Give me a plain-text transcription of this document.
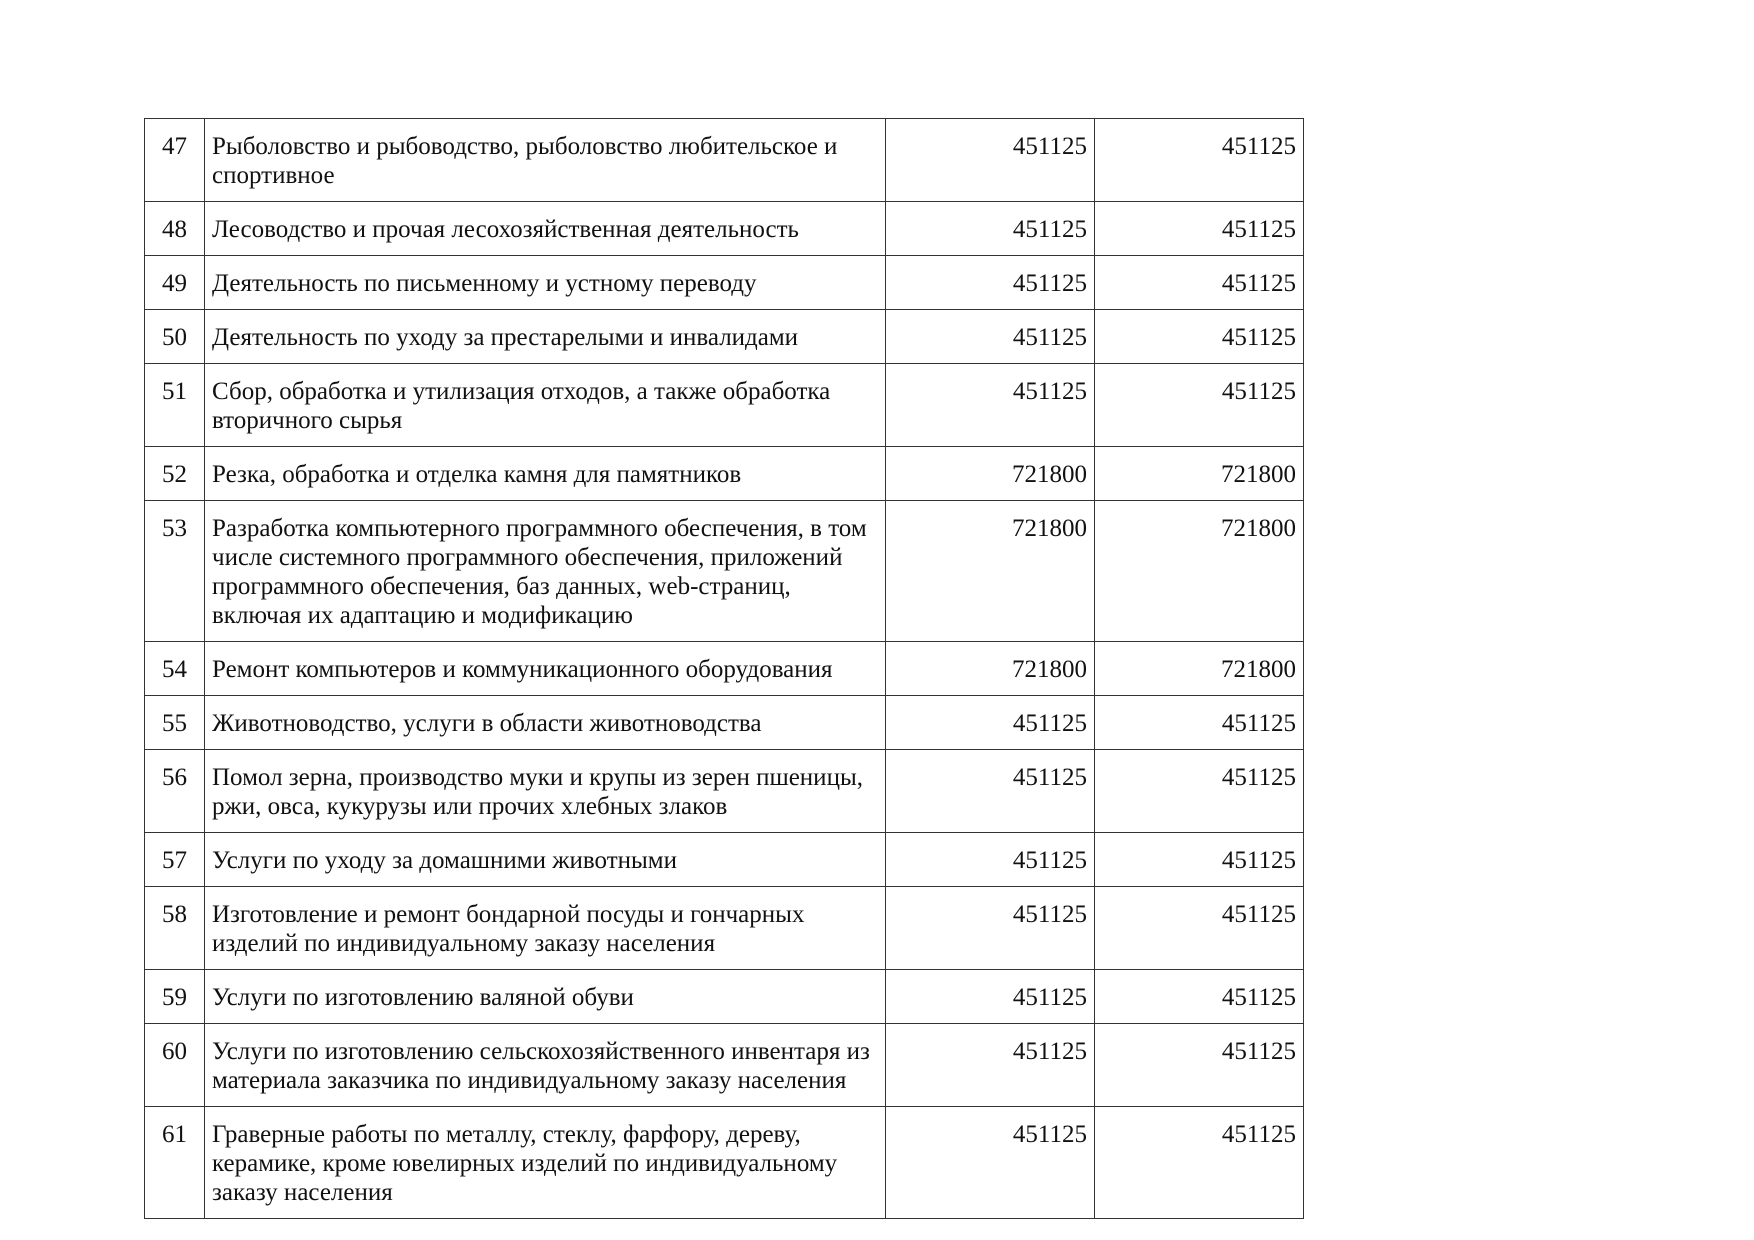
47	Рыболовство и рыбоводство, рыболовство любительское и спортивное	451125	451125
48	Лесоводство и прочая лесохозяйственная деятельность	451125	451125
49	Деятельность по письменному и устному переводу	451125	451125
50	Деятельность по уходу за престарелыми и инвалидами	451125	451125
51	Сбор, обработка и утилизация отходов, а также обработка вторичного сырья	451125	451125
52	Резка, обработка и отделка камня для памятников	721800	721800
53	Разработка компьютерного программного обеспечения, в том числе системного программного обеспечения, приложений программного обеспечения, баз данных, web-страниц, включая их адаптацию и модификацию	721800	721800
54	Ремонт компьютеров и коммуникационного оборудования	721800	721800
55	Животноводство, услуги в области животноводства	451125	451125
56	Помол зерна, производство муки и крупы из зерен пшеницы, ржи, овса, кукурузы или прочих хлебных злаков	451125	451125
57	Услуги по уходу за домашними животными	451125	451125
58	Изготовление и ремонт бондарной посуды и гончарных изделий по индивидуальному заказу населения	451125	451125
59	Услуги по изготовлению валяной обуви	451125	451125
60	Услуги по изготовлению сельскохозяйственного инвентаря из материала заказчика по индивидуальному заказу населения	451125	451125
61	Граверные работы по металлу, стеклу, фарфору, дереву, керамике, кроме ювелирных изделий по индивидуальному заказу населения	451125	451125
